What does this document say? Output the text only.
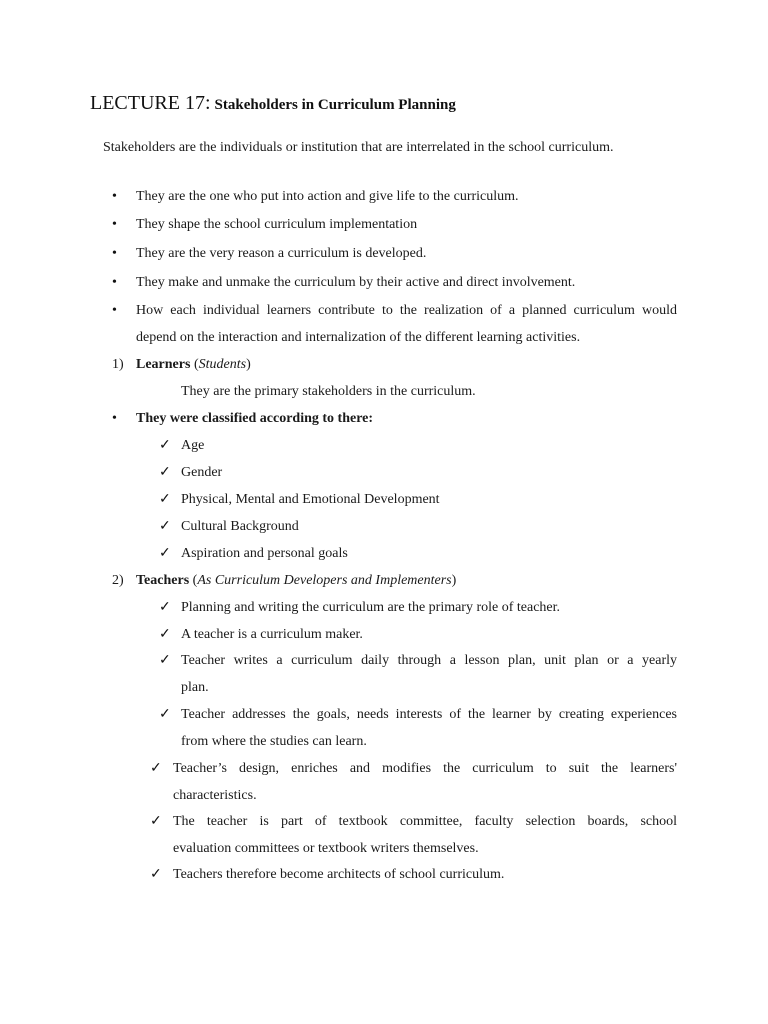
LECTURE 17: Stakeholders in Curriculum Planning
Stakeholders are the individuals or institution that are interrelated in the school curriculum.
• They are the one who put into action and give life to the curriculum.
• They shape the school curriculum implementation
• They are the very reason a curriculum is developed.
• They make and unmake the curriculum by their active and direct involvement.
• How each individual learners contribute to the realization of a planned curriculum would
depend on the interaction and internalization of the different learning activities.
1) Learners (Students)
They are the primary stakeholders in the curriculum.
• They were classified according to there:
✓ Age
✓ Gender
✓ Physical, Mental and Emotional Development
✓ Cultural Background
✓ Aspiration and personal goals
2) Teachers (As Curriculum Developers and Implementers)
✓ Planning and writing the curriculum are the primary role of teacher.
✓ A teacher is a curriculum maker.
✓ Teacher writes a curriculum daily through a lesson plan, unit plan or a yearly
plan.
✓ Teacher addresses the goals, needs interests of the learner by creating experiences
from where the studies can learn.
✓ Teacher’s design, enriches and modifies the curriculum to suit the learners'
characteristics.
✓ The teacher is part of textbook committee, faculty selection boards, school
evaluation committees or textbook writers themselves.
✓ Teachers therefore become architects of school curriculum.
